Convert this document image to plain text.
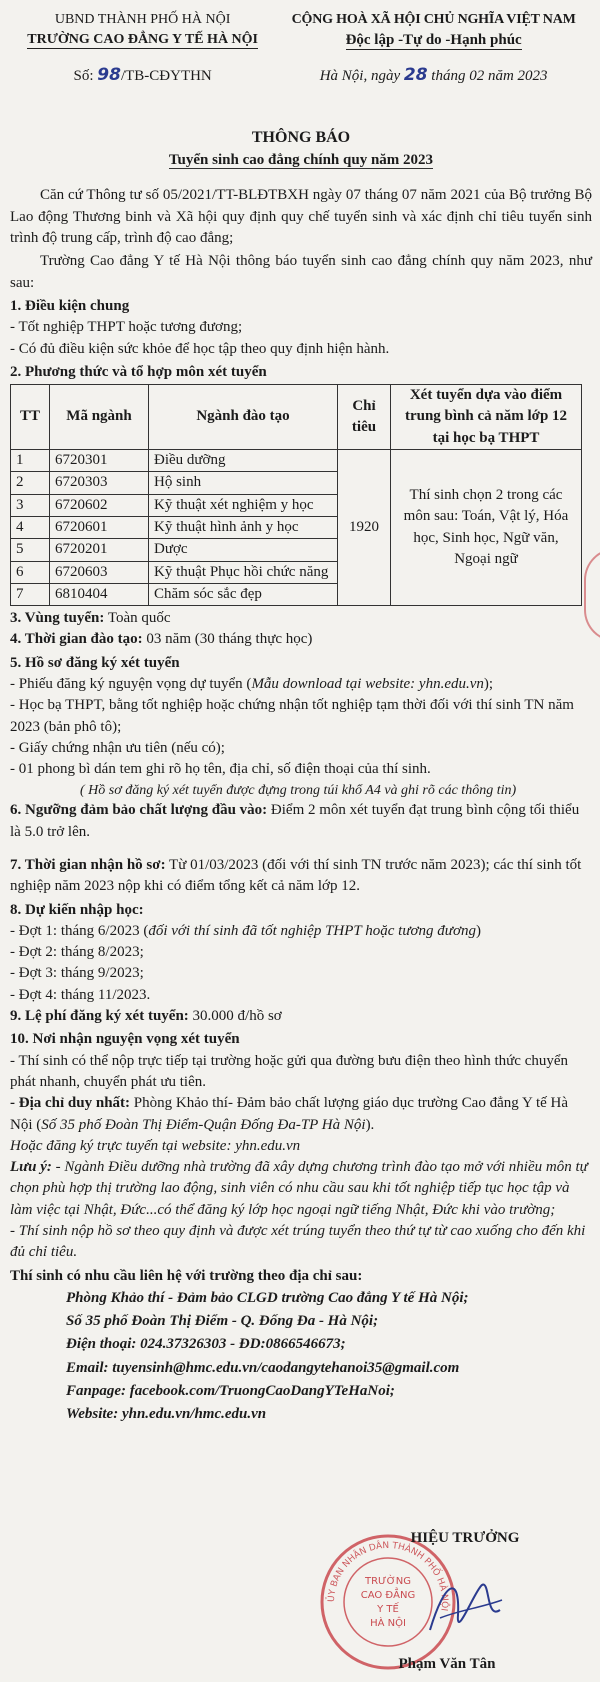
UBND THÀNH PHỐ HÀ NỘI
TRƯỜNG CAO ĐẲNG Y TẾ HÀ NỘI
CỘNG HOÀ XÃ HỘI CHỦ NGHĨA VIỆT NAM
Độc lập -Tự do -Hạnh phúc
Số: 98/TB-CĐYTHN	Hà Nội, ngày 28 tháng 02 năm 2023
THÔNG BÁO
Tuyển sinh cao đẳng chính quy năm 2023

Căn cứ Thông tư số 05/2021/TT-BLĐTBXH ngày 07 tháng 07 năm 2021 của Bộ trưởng Bộ Lao động Thương binh và Xã hội quy định quy chế tuyển sinh và xác định chỉ tiêu tuyển sinh trình độ trung cấp, trình độ cao đẳng;

Trường Cao đẳng Y tế Hà Nội thông báo tuyển sinh cao đẳng chính quy năm 2023, như sau:

1. Điều kiện chung

- Tốt nghiệp THPT hoặc tương đương;

- Có đủ điều kiện sức khỏe để học tập theo quy định hiện hành.

2. Phương thức và tổ hợp môn xét tuyển

TT	Mã ngành	Ngành đào tạo	Chỉ tiêu	Xét tuyển dựa vào điểm trung bình cả năm lớp 12 tại học bạ THPT
1	6720301	Điều dưỡng	1920	Thí sinh chọn 2 trong các môn sau: Toán, Vật lý, Hóa học, Sinh học, Ngữ văn, Ngoại ngữ
2	6720303	Hộ sinh		
3	6720602	Kỹ thuật xét nghiệm y học		
4	6720601	Kỹ thuật hình ảnh y học		
5	6720201	Dược		
6	6720603	Kỹ thuật Phục hồi chức năng		
7	6810404	Chăm sóc sắc đẹp		

3. Vùng tuyển: Toàn quốc

4. Thời gian đào tạo: 03 năm (30 tháng thực học)

5. Hồ sơ đăng ký xét tuyển

- Phiếu đăng ký nguyện vọng dự tuyển (Mẫu download tại website: yhn.edu.vn);

- Học bạ THPT, bằng tốt nghiệp hoặc chứng nhận tốt nghiệp tạm thời đối với thí sinh TN năm 2023 (bản phô tô);

- Giấy chứng nhận ưu tiên (nếu có);

- 01 phong bì dán tem ghi rõ họ tên, địa chỉ, số điện thoại của thí sinh.

( Hồ sơ đăng ký xét tuyển được đựng trong túi khổ A4 và ghi rõ các thông tin)

6. Ngưỡng đảm bảo chất lượng đầu vào: Điểm 2 môn xét tuyển đạt trung bình cộng tối thiểu là 5.0 trở lên.

7. Thời gian nhận hồ sơ: Từ 01/03/2023 (đối với thí sinh TN trước năm 2023); các thí sinh tốt nghiệp năm 2023 nộp khi có điểm tổng kết cả năm lớp 12.

8. Dự kiến nhập học:

- Đợt 1: tháng 6/2023 (đối với thí sinh đã tốt nghiệp THPT hoặc tương đương)

- Đợt 2: tháng 8/2023;

- Đợt 3: tháng 9/2023;

- Đợt 4: tháng 11/2023.

9. Lệ phí đăng ký xét tuyển: 30.000 đ/hồ sơ

10. Nơi nhận nguyện vọng xét tuyển

- Thí sinh có thể nộp trực tiếp tại trường hoặc gửi qua đường bưu điện theo hình thức chuyển phát nhanh, chuyển phát ưu tiên.

- Địa chỉ duy nhất: Phòng Khảo thí- Đảm bảo chất lượng giáo dục trường Cao đẳng Y tế Hà Nội (Số 35 phố Đoàn Thị Điểm-Quận Đống Đa-TP Hà Nội).

Hoặc đăng ký trực tuyến tại website: yhn.edu.vn

Lưu ý: - Ngành Điều dưỡng nhà trường đã xây dựng chương trình đào tạo mở với nhiều môn tự chọn phù hợp thị trường lao động, sinh viên có nhu cầu sau khi tốt nghiệp tiếp tục học tập và làm việc tại Nhật, Đức...có thể đăng ký lớp học ngoại ngữ tiếng Nhật, Đức khi vào trường;

- Thí sinh nộp hồ sơ theo quy định và được xét trúng tuyển theo thứ tự từ cao xuống cho đến khi đủ chỉ tiêu.

Thí sinh có nhu cầu liên hệ với trường theo địa chỉ sau:

Phòng Khảo thí - Đảm bảo CLGD trường Cao đẳng Y tế Hà Nội;
Số 35 phố Đoàn Thị Điểm - Q. Đống Đa - Hà Nội;
Điện thoại: 024.37326303 - ĐD:0866546673;
Email: tuyensinh@hmc.edu.vn/caodangytehanoi35@gmail.com
Fanpage: facebook.com/TruongCaoDangYTeHaNoi;
Website: yhn.edu.vn/hmc.edu.vn
ỦY BAN NHÂN DÂN THÀNH PHỐ HÀ NỘI
TRƯỜNG
CAO ĐẲNG
Y TẾ
HÀ NỘI
HIỆU TRƯỞNG
Phạm Văn Tân
